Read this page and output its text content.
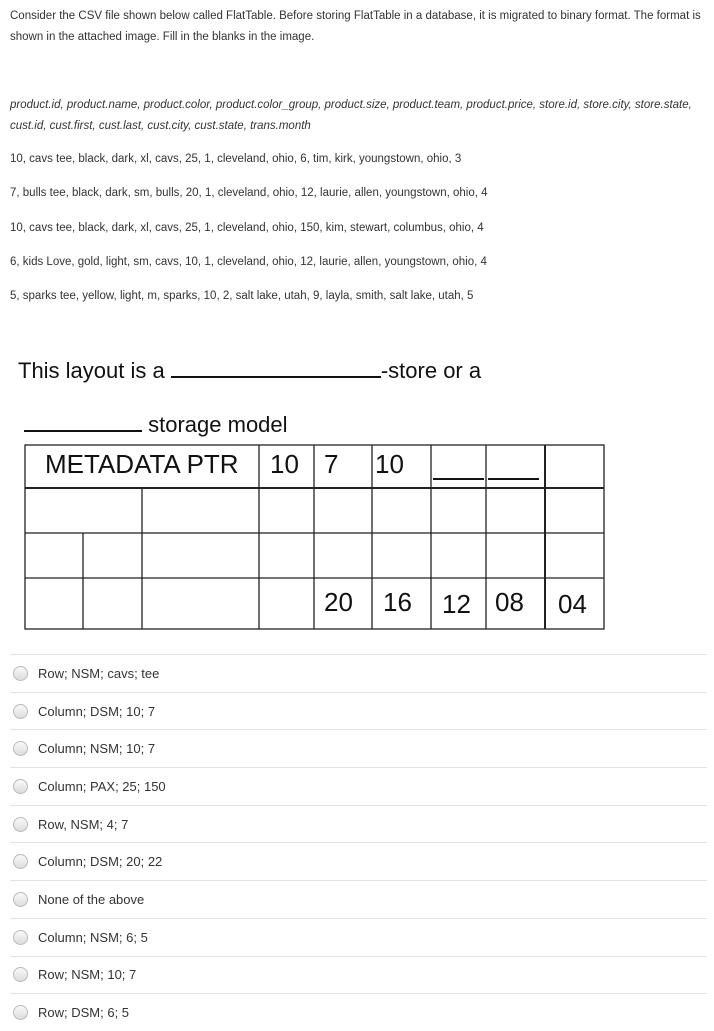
Consider the CSV file shown below called FlatTable. Before storing FlatTable in a database, it is migrated to binary format. The format is shown in the attached image. Fill in the blanks in the image.
product.id, product.name, product.color, product.color_group, product.size, product.team, product.price, store.id, store.city, store.state, cust.id, cust.first, cust.last, cust.city, cust.state, trans.month
10, cavs tee, black, dark, xl, cavs, 25, 1, cleveland, ohio, 6, tim, kirk, youngstown, ohio, 3
7, bulls tee, black, dark, sm, bulls, 20, 1, cleveland, ohio, 12, laurie, allen, youngstown, ohio, 4
10, cavs tee, black, dark, xl, cavs, 25, 1, cleveland, ohio, 150, kim, stewart, columbus, ohio, 4
6, kids Love, gold, light, sm, cavs, 10, 1, cleveland, ohio, 12, laurie, allen, youngstown, ohio, 4
5, sparks tee, yellow, light, m, sparks, 10, 2, salt lake, utah, 9, layla, smith, salt lake, utah, 5
This layout is a	-store or a
storage model
METADATA PTR 10 7 10
20 16 12 08 04
Row; NSM; cavs; tee
Column; DSM; 10; 7
Column; NSM; 10; 7
Column; PAX; 25; 150
Row, NSM; 4; 7
Column; DSM; 20; 22
None of the above
Column; NSM; 6; 5
Row; NSM; 10; 7
Row; DSM; 6; 5
